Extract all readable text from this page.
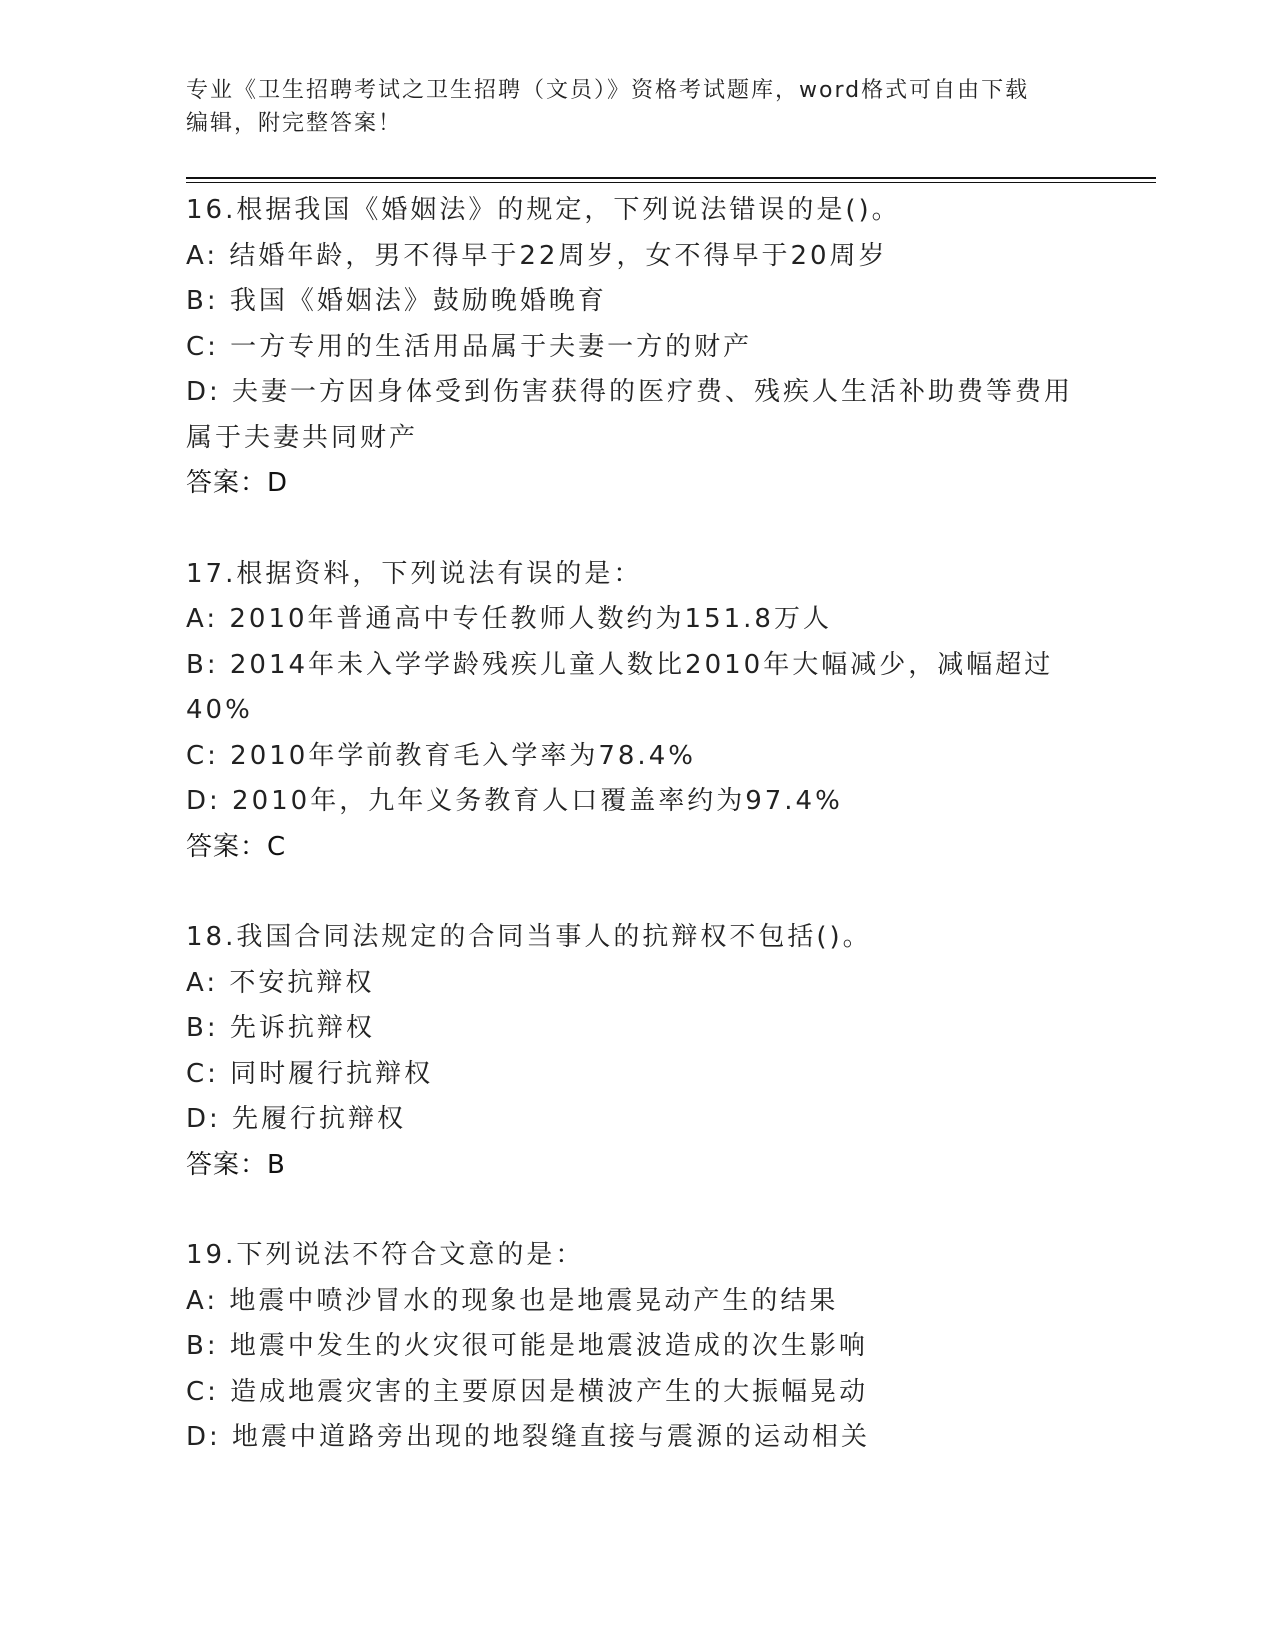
专业《卫生招聘考试之卫生招聘（文员）》资格考试题库，word格式可自由下载
编辑，附完整答案！
16.根据我国《婚姻法》的规定，下列说法错误的是()。
A: 结婚年龄，男不得早于22周岁，女不得早于20周岁
B: 我国《婚姻法》鼓励晚婚晚育
C: 一方专用的生活用品属于夫妻一方的财产
D: 夫妻一方因身体受到伤害获得的医疗费、残疾人生活补助费等费用属于夫妻共同财产
答案：D
17.根据资料，下列说法有误的是：
A: 2010年普通高中专任教师人数约为151.8万人
B: 2014年未入学学龄残疾儿童人数比2010年大幅减少，减幅超过40%
C: 2010年学前教育毛入学率为78.4%
D: 2010年，九年义务教育人口覆盖率约为97.4%
答案：C
18.我国合同法规定的合同当事人的抗辩权不包括()。
A: 不安抗辩权
B: 先诉抗辩权
C: 同时履行抗辩权
D: 先履行抗辩权
答案：B
19.下列说法不符合文意的是：
A: 地震中喷沙冒水的现象也是地震晃动产生的结果
B: 地震中发生的火灾很可能是地震波造成的次生影响
C: 造成地震灾害的主要原因是横波产生的大振幅晃动
D: 地震中道路旁出现的地裂缝直接与震源的运动相关
